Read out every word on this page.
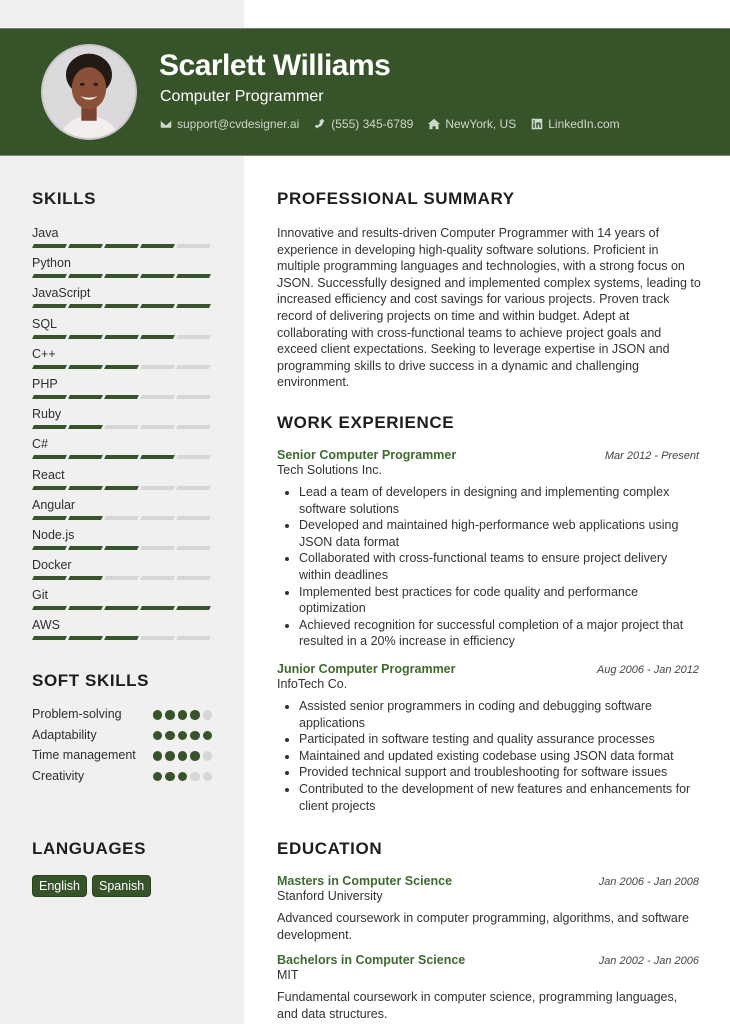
Scarlett Williams
Computer Programmer
support@cvdesigner.ai	(555) 345-6789	NewYork, US	LinkedIn.com
SKILLS
Java
Python
JavaScript
SQL
C++
PHP
Ruby
C#
React
Angular
Node.js
Docker
Git
AWS
SOFT SKILLS
Problem-solving
Adaptability
Time management
Creativity
LANGUAGES
English	Spanish
PROFESSIONAL SUMMARY

Innovative and results-driven Computer Programmer with 14 years of experience in developing high-quality software solutions. Proficient in multiple programming languages and technologies, with a strong focus on JSON. Successfully designed and implemented complex systems, leading to increased efficiency and cost savings for various projects. Proven track record of delivering projects on time and within budget. Adept at collaborating with cross-functional teams to achieve project goals and exceed client expectations. Seeking to leverage expertise in JSON and programming skills to drive success in a dynamic and challenging environment.

WORK EXPERIENCE
Senior Computer Programmer	Mar 2012 - Present
Tech Solutions Inc.
• Lead a team of developers in designing and implementing complex software solutions
• Developed and maintained high-performance web applications using JSON data format
• Collaborated with cross-functional teams to ensure project delivery within deadlines
• Implemented best practices for code quality and performance optimization
• Achieved recognition for successful completion of a major project that resulted in a 20% increase in efficiency
Junior Computer Programmer	Aug 2006 - Jan 2012
InfoTech Co.
• Assisted senior programmers in coding and debugging software applications
• Participated in software testing and quality assurance processes
• Maintained and updated existing codebase using JSON data format
• Provided technical support and troubleshooting for software issues
• Contributed to the development of new features and enhancements for client projects
EDUCATION
Masters in Computer Science	Jan 2006 - Jan 2008
Stanford University

Advanced coursework in computer programming, algorithms, and software development.

Bachelors in Computer Science	Jan 2002 - Jan 2006
MIT

Fundamental coursework in computer science, programming languages, and data structures.
